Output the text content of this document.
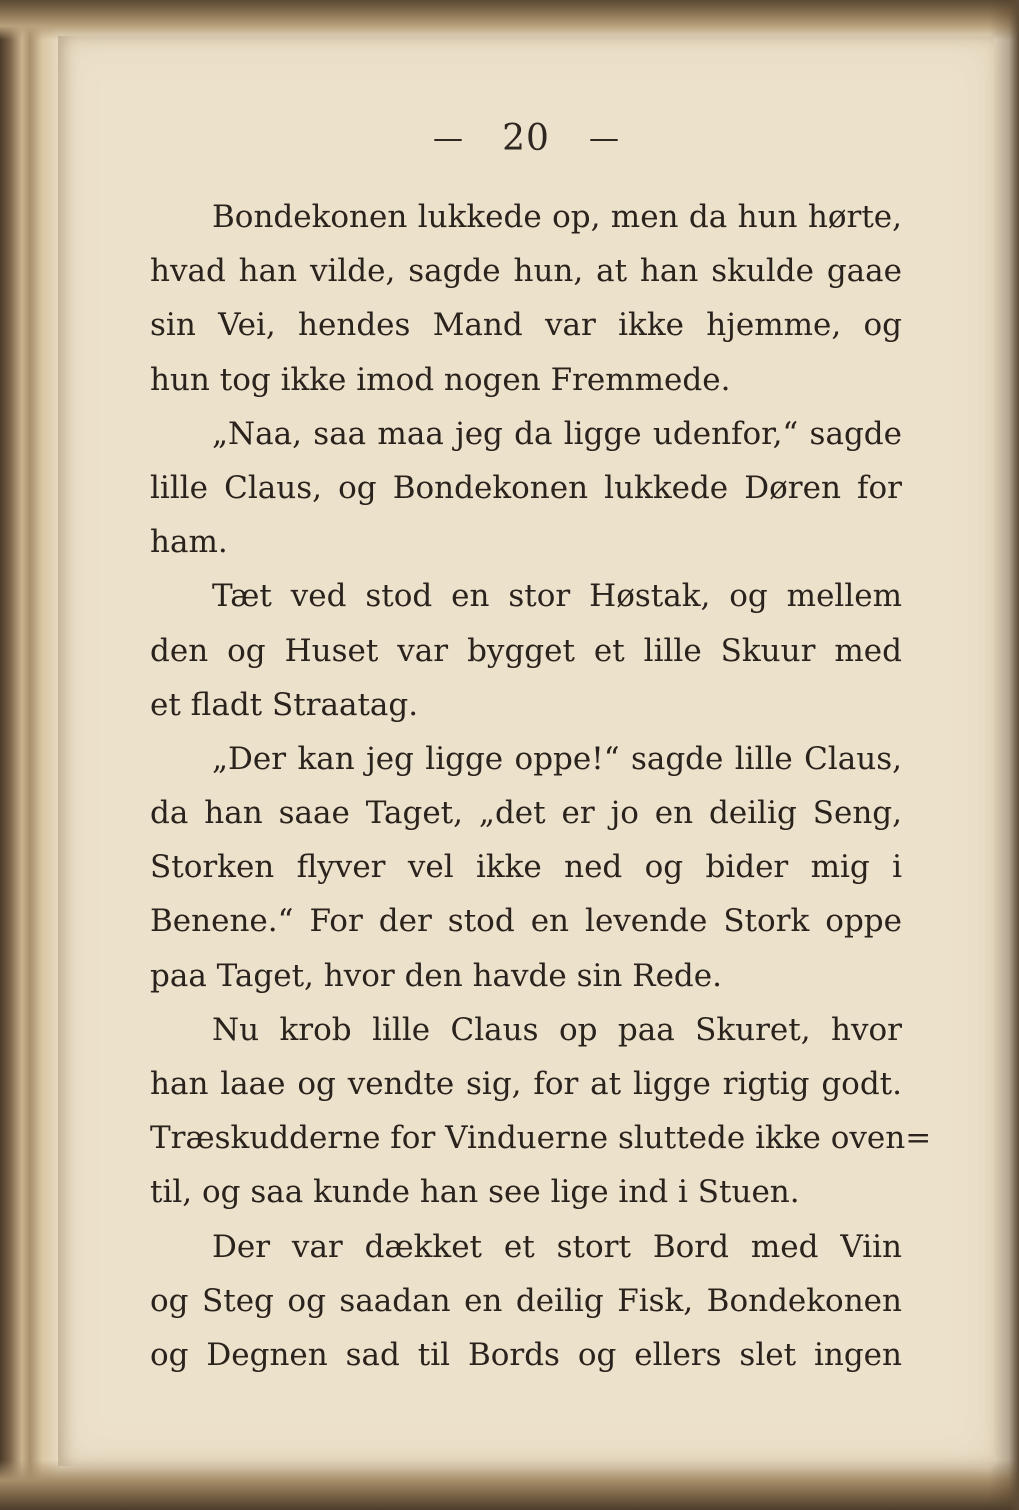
— 20 —
Bondekonen lukkede op, men da hun hørte,
hvad han vilde, sagde hun, at han skulde gaae
sin Vei, hendes Mand var ikke hjemme, og
hun tog ikke imod nogen Fremmede.
„Naa, saa maa jeg da ligge udenfor,“ sagde
lille Claus, og Bondekonen lukkede Døren for
ham.
Tæt ved stod en stor Høstak, og mellem
den og Huset var bygget et lille Skuur med
et fladt Straatag.
„Der kan jeg ligge oppe!“ sagde lille Claus,
da han saae Taget, „det er jo en deilig Seng,
Storken flyver vel ikke ned og bider mig i
Benene.“ For der stod en levende Stork oppe
paa Taget, hvor den havde sin Rede.
Nu krob lille Claus op paa Skuret, hvor
han laae og vendte sig, for at ligge rigtig godt.
Træskudderne for Vinduerne sluttede ikke oven=
til, og saa kunde han see lige ind i Stuen.
Der var dækket et stort Bord med Viin
og Steg og saadan en deilig Fisk, Bondekonen
og Degnen sad til Bords og ellers slet ingen
